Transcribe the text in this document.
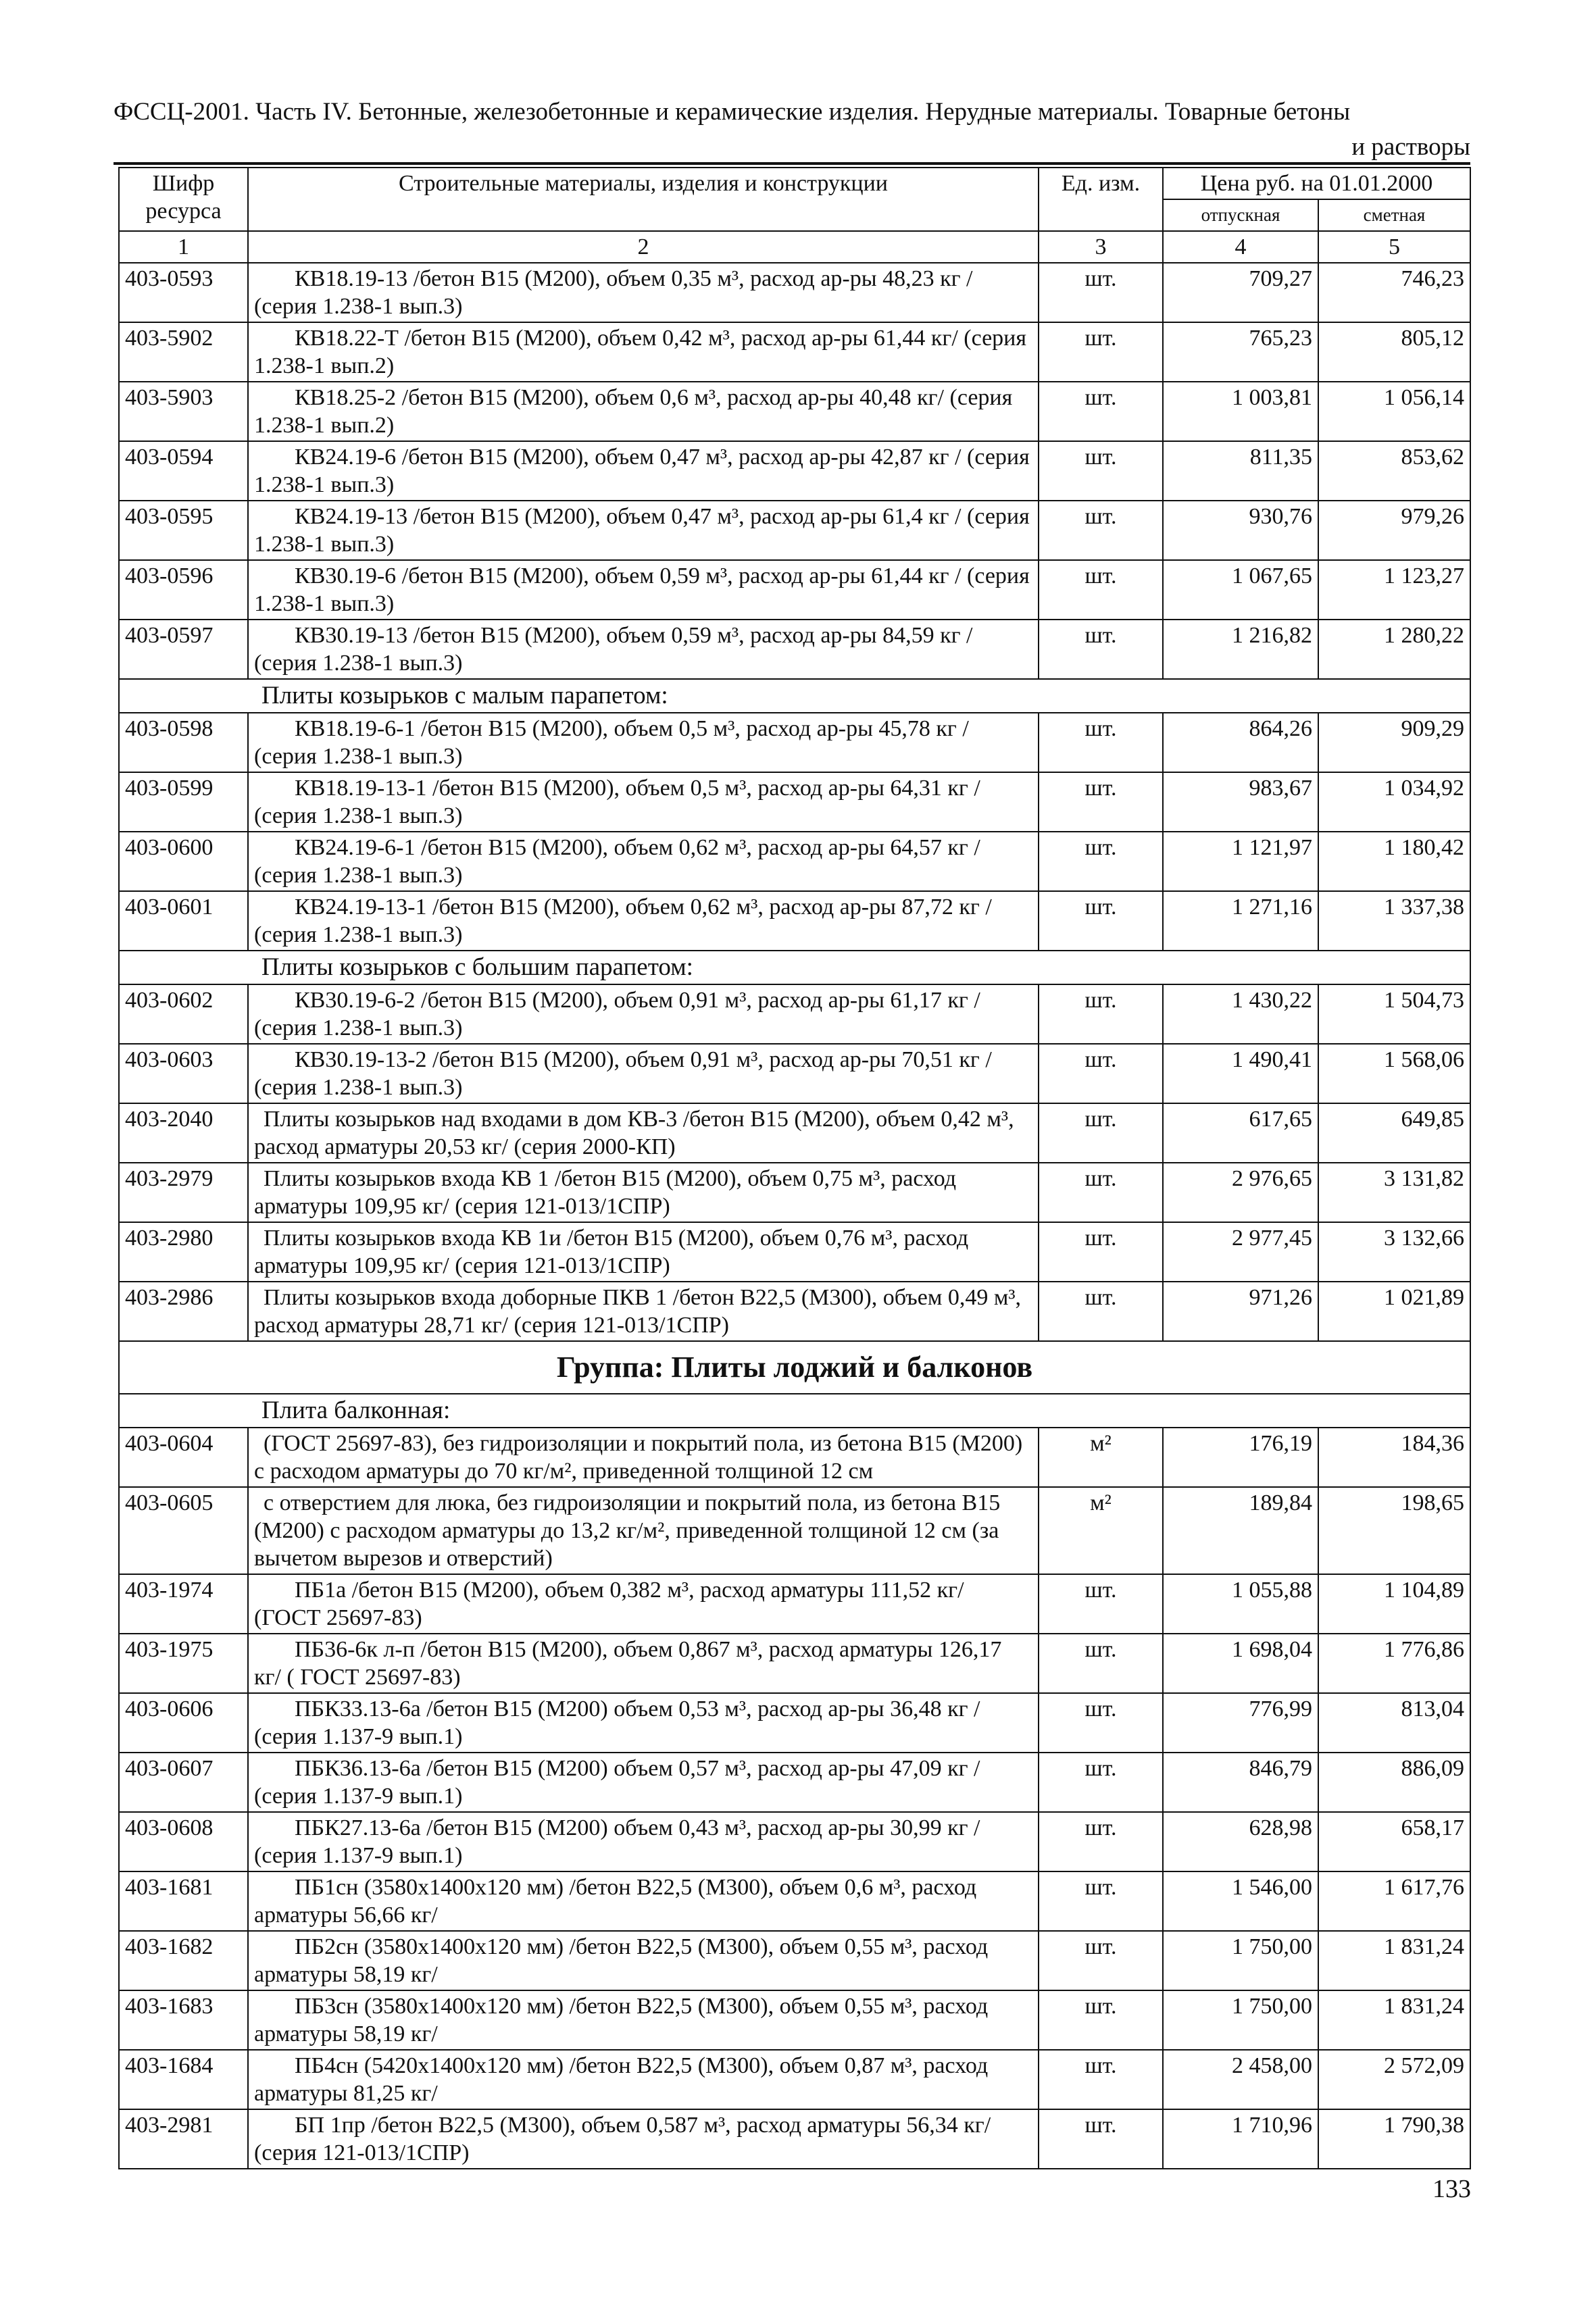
ФССЦ-2001. Часть IV. Бетонные, железобетонные и керамические изделия. Нерудные материалы. Товарные бетоны
и растворы
Шифр ресурса	Строительные материалы, изделия и конструкции	Ед. изм.	Цена руб. на 01.01.2000	
			отпускная	сметная
1	2	3	4	5
403-0593	КВ18.19-13 /бетон В15 (М200), объем 0,35 м³, расход ар-ры 48,23 кг / (серия 1.238-1 вып.3)	шт.	709,27	746,23
403-5902	КВ18.22-Т /бетон В15 (М200), объем 0,42 м³, расход ар-ры 61,44 кг/ (серия 1.238-1 вып.2)	шт.	765,23	805,12
403-5903	КВ18.25-2 /бетон В15 (М200), объем 0,6 м³, расход ар-ры 40,48 кг/ (серия 1.238-1 вып.2)	шт.	1 003,81	1 056,14
403-0594	КВ24.19-6 /бетон В15 (М200), объем 0,47 м³, расход ар-ры 42,87 кг / (серия 1.238-1 вып.3)	шт.	811,35	853,62
403-0595	КВ24.19-13 /бетон В15 (М200), объем 0,47 м³, расход ар-ры 61,4 кг / (серия 1.238-1 вып.3)	шт.	930,76	979,26
403-0596	КВ30.19-6 /бетон В15 (М200), объем 0,59 м³, расход ар-ры 61,44 кг / (серия 1.238-1 вып.3)	шт.	1 067,65	1 123,27
403-0597	КВ30.19-13 /бетон В15 (М200), объем 0,59 м³, расход ар-ры 84,59 кг / (серия 1.238-1 вып.3)	шт.	1 216,82	1 280,22
Плиты козырьков с малым парапетом:				
403-0598	КВ18.19-6-1 /бетон В15 (М200), объем 0,5 м³, расход ар-ры 45,78 кг / (серия 1.238-1 вып.3)	шт.	864,26	909,29
403-0599	КВ18.19-13-1 /бетон В15 (М200), объем 0,5 м³, расход ар-ры 64,31 кг / (серия 1.238-1 вып.3)	шт.	983,67	1 034,92
403-0600	КВ24.19-6-1 /бетон В15 (М200), объем 0,62 м³, расход ар-ры 64,57 кг / (серия 1.238-1 вып.3)	шт.	1 121,97	1 180,42
403-0601	КВ24.19-13-1 /бетон В15 (М200), объем 0,62 м³, расход ар-ры 87,72 кг / (серия 1.238-1 вып.3)	шт.	1 271,16	1 337,38
Плиты козырьков с большим парапетом:				
403-0602	КВ30.19-6-2 /бетон В15 (М200), объем 0,91 м³, расход ар-ры 61,17 кг / (серия 1.238-1 вып.3)	шт.	1 430,22	1 504,73
403-0603	КВ30.19-13-2 /бетон В15 (М200), объем 0,91 м³, расход ар-ры 70,51 кг / (серия 1.238-1 вып.3)	шт.	1 490,41	1 568,06
403-2040	Плиты козырьков над входами в дом КВ-3 /бетон В15 (М200), объем 0,42 м³, расход арматуры 20,53 кг/ (серия 2000-КП)	шт.	617,65	649,85
403-2979	Плиты козырьков входа КВ 1 /бетон В15 (М200), объем 0,75 м³, расход арматуры 109,95 кг/ (серия 121-013/1СПР)	шт.	2 976,65	3 131,82
403-2980	Плиты козырьков входа КВ 1и /бетон В15 (М200), объем 0,76 м³, расход арматуры 109,95 кг/ (серия 121-013/1СПР)	шт.	2 977,45	3 132,66
403-2986	Плиты козырьков входа доборные ПКВ 1 /бетон В22,5 (М300), объем 0,49 м³, расход арматуры 28,71 кг/ (серия 121-013/1СПР)	шт.	971,26	1 021,89
Группа: Плиты лоджий и балконов				
Плита балконная:				
403-0604	(ГОСТ 25697-83), без гидроизоляции и покрытий пола, из бетона В15 (М200) с расходом арматуры до 70 кг/м², приведенной толщиной 12 см	м²	176,19	184,36
403-0605	с отверстием для люка, без гидроизоляции и покрытий пола, из бетона В15 (М200) с расходом арматуры до 13,2 кг/м², приведенной толщиной 12 см (за вычетом вырезов и отверстий)	м²	189,84	198,65
403-1974	ПБ1а /бетон В15 (М200), объем 0,382 м³, расход арматуры 111,52 кг/ (ГОСТ 25697-83)	шт.	1 055,88	1 104,89
403-1975	ПБ36-6к л-п /бетон В15 (М200), объем 0,867 м³, расход арматуры 126,17 кг/ ( ГОСТ 25697-83)	шт.	1 698,04	1 776,86
403-0606	ПБК33.13-6а /бетон В15 (М200) объем 0,53 м³, расход ар-ры 36,48 кг / (серия 1.137-9 вып.1)	шт.	776,99	813,04
403-0607	ПБК36.13-6а /бетон В15 (М200) объем 0,57 м³, расход ар-ры 47,09 кг / (серия 1.137-9 вып.1)	шт.	846,79	886,09
403-0608	ПБК27.13-6а /бетон В15 (М200) объем 0,43 м³, расход ар-ры 30,99 кг / (серия 1.137-9 вып.1)	шт.	628,98	658,17
403-1681	ПБ1сн (3580х1400х120 мм) /бетон В22,5 (М300), объем 0,6 м³, расход арматуры 56,66 кг/	шт.	1 546,00	1 617,76
403-1682	ПБ2сн (3580х1400х120 мм) /бетон В22,5 (М300), объем 0,55 м³, расход арматуры 58,19 кг/	шт.	1 750,00	1 831,24
403-1683	ПБ3сн (3580х1400х120 мм) /бетон В22,5 (М300), объем 0,55 м³, расход арматуры 58,19 кг/	шт.	1 750,00	1 831,24
403-1684	ПБ4сн (5420х1400х120 мм) /бетон В22,5 (М300), объем 0,87 м³, расход арматуры 81,25 кг/	шт.	2 458,00	2 572,09
403-2981	БП 1пр /бетон В22,5 (М300), объем 0,587 м³, расход арматуры 56,34 кг/ (серия 121-013/1СПР)	шт.	1 710,96	1 790,38
133
